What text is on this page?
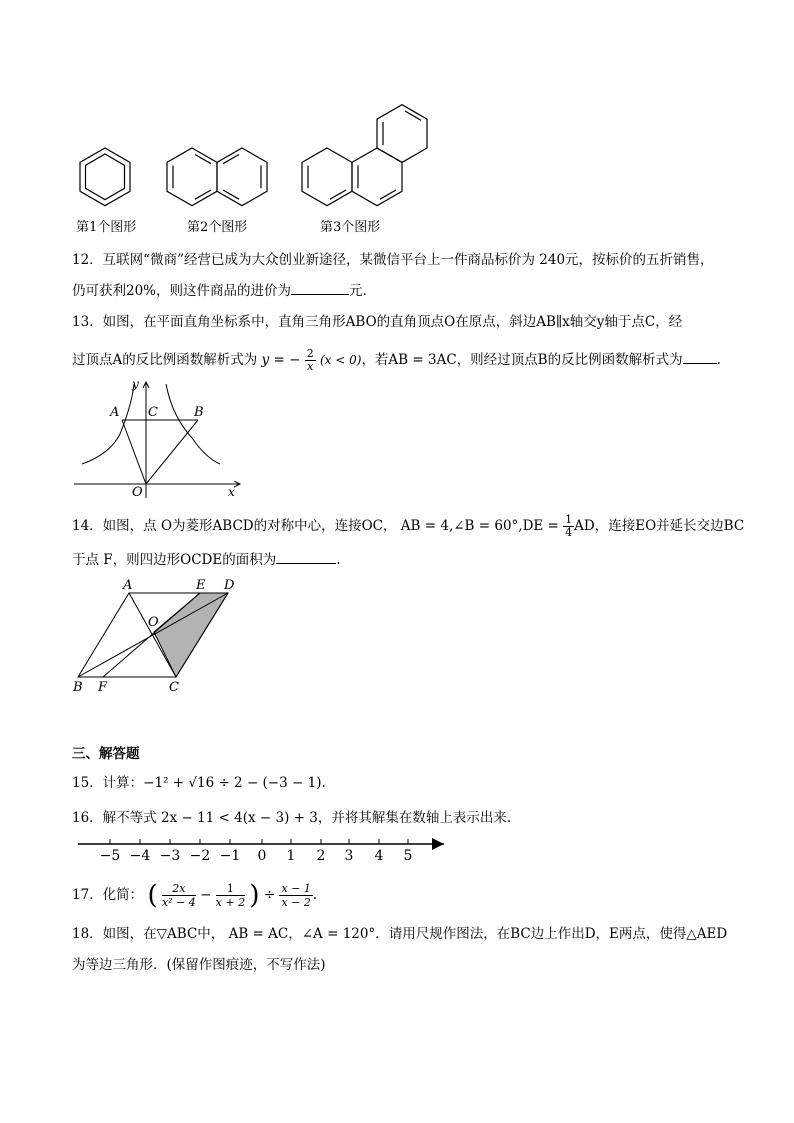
第1个图形	第2个图形	第3个图形
12．互联网“微商”经营已成为大众创业新途径，某微信平台上一件商品标价为 240元，按标价的五折销售，
仍可获利20%，则这件商品的进价为	元.
13．如图，在平面直角坐标系中，直角三角形ABO的直角顶点O在原点，斜边AB∥x轴交y轴于点C，经
过顶点A的反比例函数解析式为 y = − $\frac{2}{x} (x < 0)$，若AB = 3AC，则经过顶点B的反比例函数解析式为	.
y
A C	B
O	x
14．如图，点 O为菱形ABCD的对称中心，连接OC， AB = 4,∠B = $60^\circ,DE = \frac{1}{4}$ AD，连接EO并延长交边BC
于点 F，则四边形OCDE的面积为	.
A	E D
O
B F	C
三、解答题
15．计算：−1² + √16 ÷ 2 − (−3 − 1).
16．解不等式 2x − 11 < 4(x − 3) + 3，并将其解集在数轴上表示出来.
−5 −4 −3 −2 −1 0 1 2 3 4 5
17．化简： ( $\frac{2x}{\text{x² − 4}} - \frac{1}{x + 2}$ ) ÷ $\frac{x - 1}{x - 2}$ .
18．如图，在▽ABC中， AB = AC，∠A = 120°．请用尺规作图法，在BC边上作出D，E两点，使得△AED
为等边三角形．(保留作图痕迹，不写作法)
